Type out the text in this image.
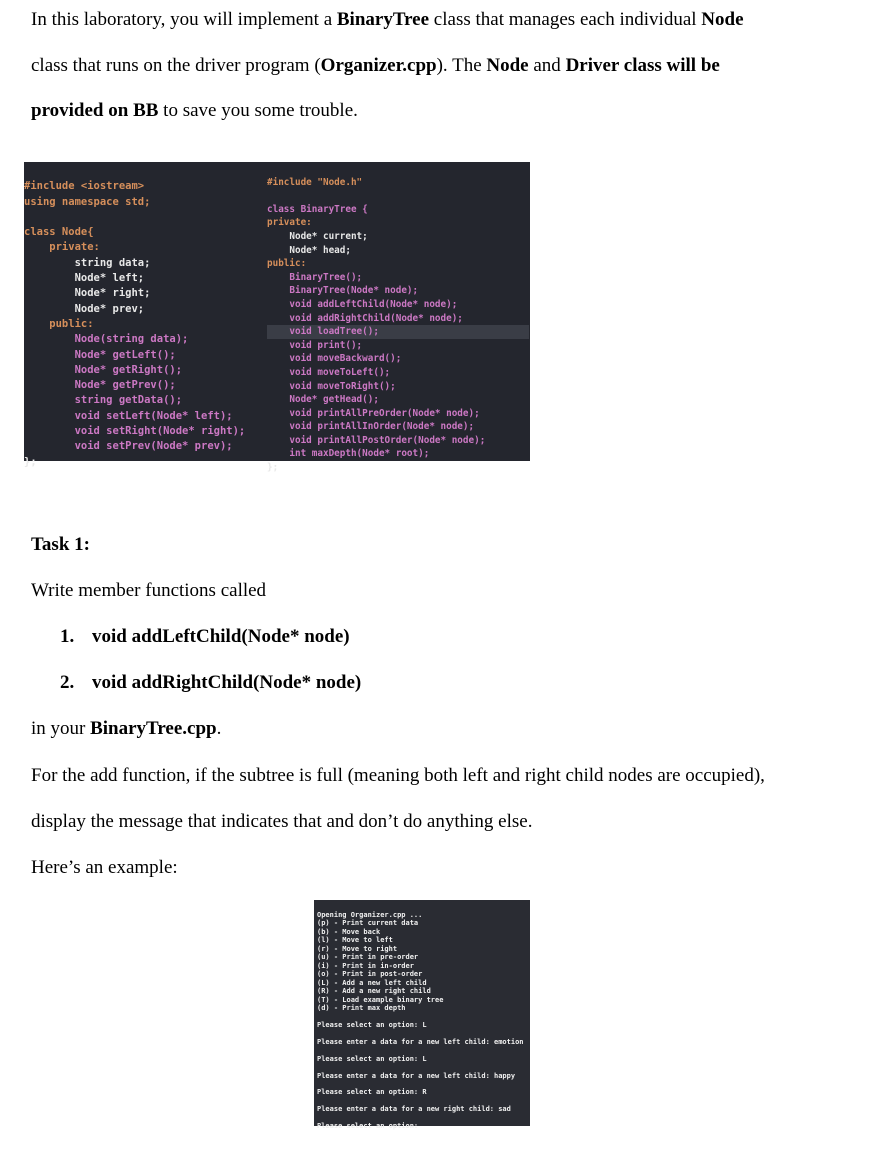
In this laboratory, you will implement a BinaryTree class that manages each individual Node
class that runs on the driver program (Organizer.cpp). The Node and Driver class will be
provided on BB to save you some trouble.

#include <iostream>
using namespace std;

class Node{
private:
string data;
Node* left;
Node* right;
Node* prev;
public:
Node(string data);
Node* getLeft();
Node* getRight();
Node* getPrev();
string getData();
void setLeft(Node* left);
void setRight(Node* right);
void setPrev(Node* prev);
};

#include "Node.h"

class BinaryTree {
private:
Node* current;
Node* head;
public:
BinaryTree();
BinaryTree(Node* node);
void addLeftChild(Node* node);
void addRightChild(Node* node);
void loadTree();
void print();
void moveBackward();
void moveToLeft();
void moveToRight();
Node* getHead();
void printAllPreOrder(Node* node);
void printAllInOrder(Node* node);
void printAllPostOrder(Node* node);
int maxDepth(Node* root);
};

Task 1:
Write member functions called
1. void addLeftChild(Node* node)
2. void addRightChild(Node* node)
in your BinaryTree.cpp.
For the add function, if the subtree is full (meaning both left and right child nodes are occupied),
display the message that indicates that and don’t do anything else.
Here’s an example:

Opening Organizer.cpp ...
(p) - Print current data
(b) - Move back
(l) - Move to left
(r) - Move to right
(u) - Print in pre-order
(i) - Print in in-order
(o) - Print in post-order
(L) - Add a new left child
(R) - Add a new right child
(T) - Load example binary tree
(d) - Print max depth
Please select an option: L
Please enter a data for a new left child: emotion
Please select an option: L
Please enter a data for a new left child: happy
Please select an option: R
Please enter a data for a new right child: sad
Please select an option:
